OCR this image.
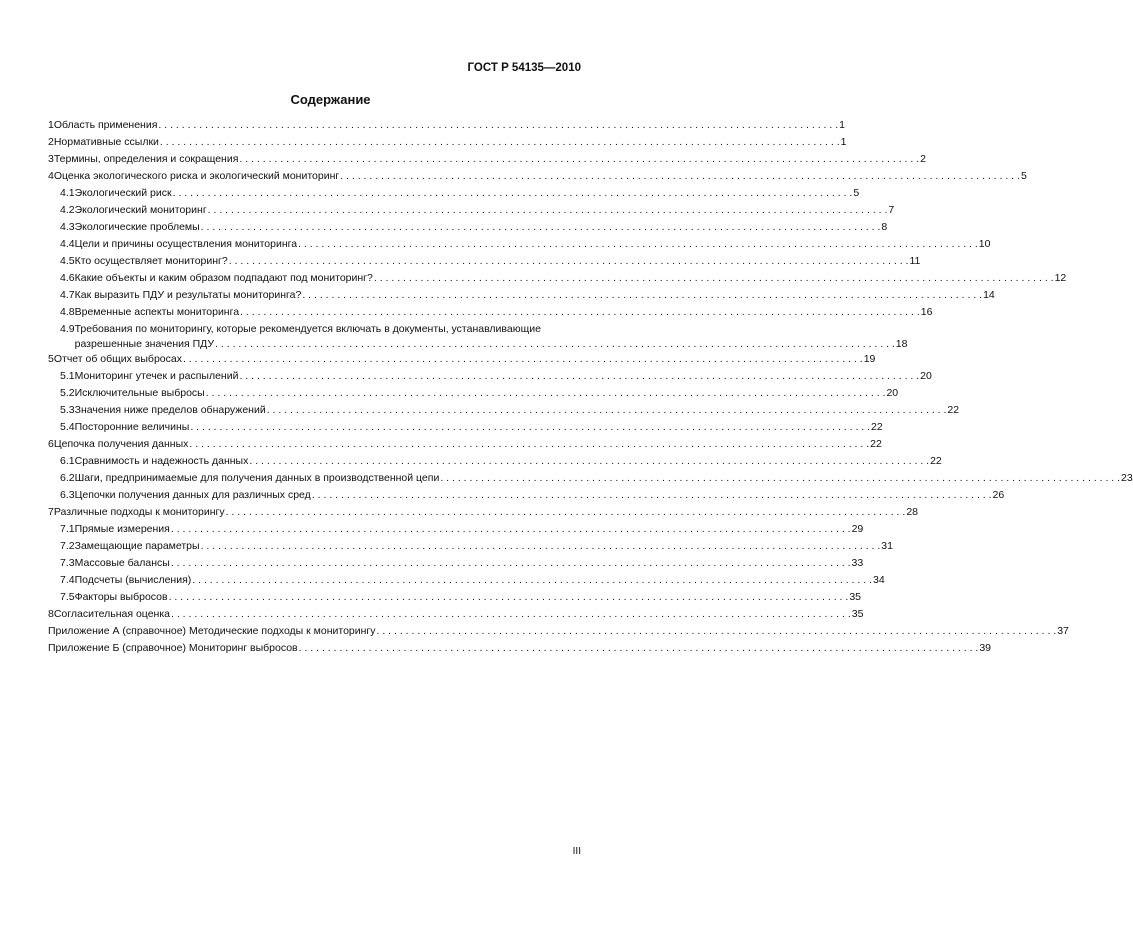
ГОСТ Р 54135—2010
Содержание
1 Область применения . . .	1
2 Нормативные ссылки . . .	1
3 Термины, определения и сокращения . . .	2
4 Оценка экологического риска и экологический мониторинг . . .	5
4.1 Экологический риск . . .	5
4.2 Экологический мониторинг . . .	7
4.3 Экологические проблемы . . .	8
4.4 Цели и причины осуществления мониторинга . . .	10
4.5 Кто осуществляет мониторинг? . . .	11
4.6 Какие объекты и каким образом подпадают под мониторинг? . . .	12
4.7 Как выразить ПДУ и результаты мониторинга? . . .	14
4.8 Временные аспекты мониторинга . . .	16
4.9 Требования по мониторингу, которые рекомендуется включать в документы, устанавливающие
разрешенные значения ПДУ . . .	18
5 Отчет об общих выбросах . . .	19
5.1 Мониторинг утечек и распылений . . .	20
5.2 Исключительные выбросы . . .	20
5.3 Значения ниже пределов обнаружений . . .	22
5.4 Посторонние величины . . .	22
6 Цепочка получения данных . . .	22
6.1 Сравнимость и надежность данных . . .	22
6.2 Шаги, предпринимаемые для получения данных в производственной цепи . . .	23
6.3 Цепочки получения данных для различных сред . . .	26
7 Различные подходы к мониторингу . . .	28
7.1 Прямые измерения . . .	29
7.2 Замещающие параметры . . .	31
7.3 Массовые балансы . . .	33
7.4 Подсчеты (вычисления) . . .	34
7.5 Факторы выбросов . . .	35
8 Согласительная оценка . . .	35
Приложение А (справочное) Методические подходы к мониторингу . . .	37
Приложение Б (справочное) Мониторинг выбросов . . .	39
III
